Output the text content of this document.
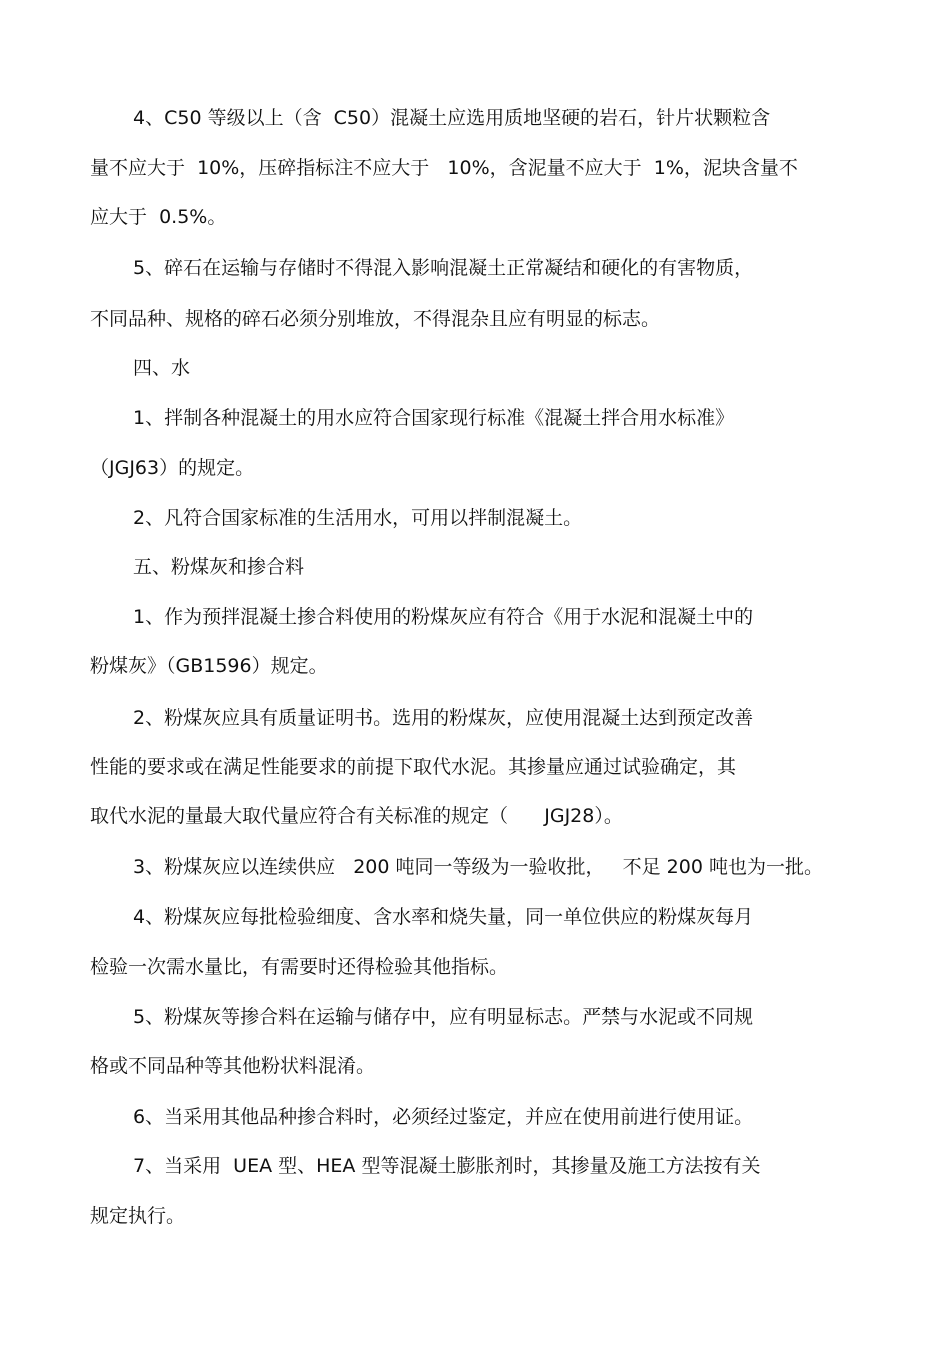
4、C50 等级以上（含  C50）混凝土应选用质地坚硬的岩石，针片状颗粒含
量不应大于  10%，压碎指标注不应大于   10%，含泥量不应大于  1%，泥块含量不
应大于  0.5%。
5、碎石在运输与存储时不得混入影响混凝土正常凝结和硬化的有害物质，
不同品种、规格的碎石必须分别堆放，不得混杂且应有明显的标志。
四、水
1、拌制各种混凝土的用水应符合国家现行标准《混凝土拌合用水标准》
（JGJ63）的规定。
2、凡符合国家标准的生活用水，可用以拌制混凝土。
五、粉煤灰和掺合料
1、作为预拌混凝土掺合料使用的粉煤灰应有符合《用于水泥和混凝土中的
粉煤灰》（GB1596）规定。
2、粉煤灰应具有质量证明书。选用的粉煤灰，应使用混凝土达到预定改善
性能的要求或在满足性能要求的前提下取代水泥。其掺量应通过试验确定，其
取代水泥的量最大取代量应符合有关标准的规定（      JGJ28）。
3、粉煤灰应以连续供应   200 吨同一等级为一验收批，   不足 200 吨也为一批。
4、粉煤灰应每批检验细度、含水率和烧失量，同一单位供应的粉煤灰每月
检验一次需水量比，有需要时还得检验其他指标。
5、粉煤灰等掺合料在运输与储存中，应有明显标志。严禁与水泥或不同规
格或不同品种等其他粉状料混淆。
6、当采用其他品种掺合料时，必须经过鉴定，并应在使用前进行使用证。
7、当采用  UEA 型、HEA 型等混凝土膨胀剂时，其掺量及施工方法按有关
规定执行。
